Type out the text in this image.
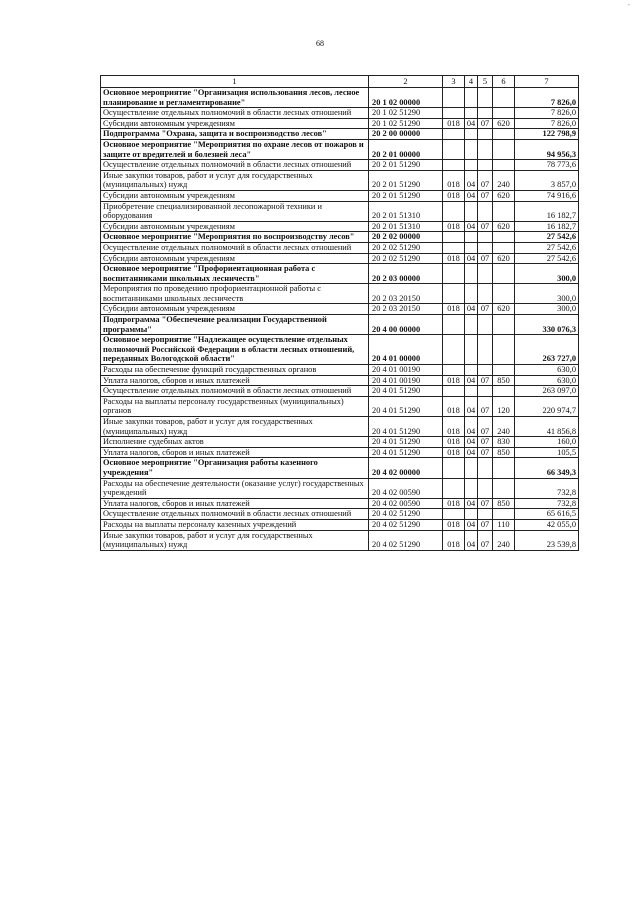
-
68
1	2	3	4	5	6	7
Основное мероприятие "Организация использования лесов, лесное планирование и регламентирование"	20 1 02 00000					7 826,0
Осуществление отдельных полномочий в области лесных отношений	20 1 02 51290					7 826,0
Субсидии автономным учреждениям	20 1 02 51290	018	04	07	620	7 826,0
Подпрограмма "Охрана, защита и воспроизводство лесов"	20 2 00 00000					122 798,9
Основное мероприятие "Мероприятия по охране лесов от пожаров и защите от вредителей и болезней леса"	20 2 01 00000					94 956,3
Осуществление отдельных полномочий в области лесных отношений	20 2 01 51290					78 773,6
Иные закупки товаров, работ и услуг для государственных (муниципальных) нужд	20 2 01 51290	018	04	07	240	3 857,0
Субсидии автономным учреждениям	20 2 01 51290	018	04	07	620	74 916,6
Приобретение специализированной лесопожарной техники и оборудования	20 2 01 51310					16 182,7
Субсидии автономным учреждениям	20 2 01 51310	018	04	07	620	16 182,7
Основное мероприятие "Мероприятия по воспроизводству лесов"	20 2 02 00000					27 542,6
Осуществление отдельных полномочий в области лесных отношений	20 2 02 51290					27 542,6
Субсидии автономным учреждениям	20 2 02 51290	018	04	07	620	27 542,6
Основное мероприятие "Профориентационная работа с воспитанниками школьных лесничеств"	20 2 03 00000					300,0
Мероприятия по проведению профориентационной работы с воспитанниками школьных лесничеств	20 2 03 20150					300,0
Субсидии автономным учреждениям	20 2 03 20150	018	04	07	620	300,0
Подпрограмма "Обеспечение реализации Государственной программы"	20 4 00 00000					330 076,3
Основное мероприятие "Надлежащее осуществление отдельных полномочий Российской Федерации в области лесных отношений, переданных Вологодской области"	20 4 01 00000					263 727,0
Расходы на обеспечение функций государственных органов	20 4 01 00190					630,0
Уплата налогов, сборов и иных платежей	20 4 01 00190	018	04	07	850	630,0
Осуществление отдельных полномочий в области лесных отношений	20 4 01 51290					263 097,0
Расходы на выплаты персоналу государственных (муниципальных) органов	20 4 01 51290	018	04	07	120	220 974,7
Иные закупки товаров, работ и услуг для государственных (муниципальных) нужд	20 4 01 51290	018	04	07	240	41 856,8
Исполнение судебных актов	20 4 01 51290	018	04	07	830	160,0
Уплата налогов, сборов и иных платежей	20 4 01 51290	018	04	07	850	105,5
Основное мероприятие "Организация работы казенного учреждения"	20 4 02 00000					66 349,3
Расходы на обеспечение деятельности (оказание услуг) государственных учреждений	20 4 02 00590					732,8
Уплата налогов, сборов и иных платежей	20 4 02 00590	018	04	07	850	732,8
Осуществление отдельных полномочий в области лесных отношений	20 4 02 51290					65 616,5
Расходы на выплаты персоналу казенных учреждений	20 4 02 51290	018	04	07	110	42 055,0
Иные закупки товаров, работ и услуг для государственных (муниципальных) нужд	20 4 02 51290	018	04	07	240	23 539,8
